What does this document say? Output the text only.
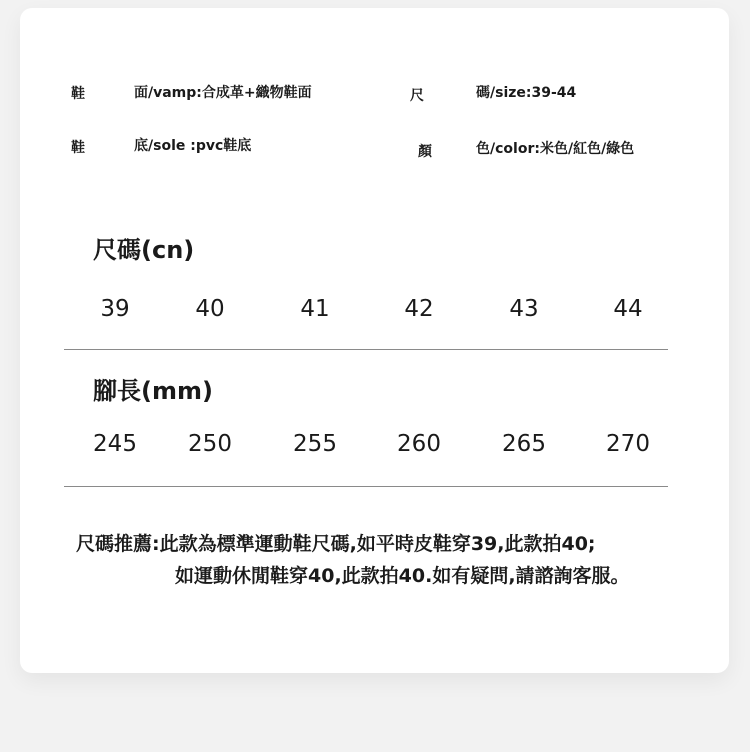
鞋	面/vamp:合成革+織物鞋面	尺	碼/size:39-44
鞋	底/sole :pvc鞋底	顏	色/color:米色/紅色/綠色
尺碼(cn)
39	40	41	42	43	44
腳長(mm)
245	250	255	260	265	270
尺碼推薦:此款為標準運動鞋尺碼,如平時皮鞋穿39,此款拍40;
如運動休閒鞋穿40,此款拍40.如有疑問,請諮詢客服。
